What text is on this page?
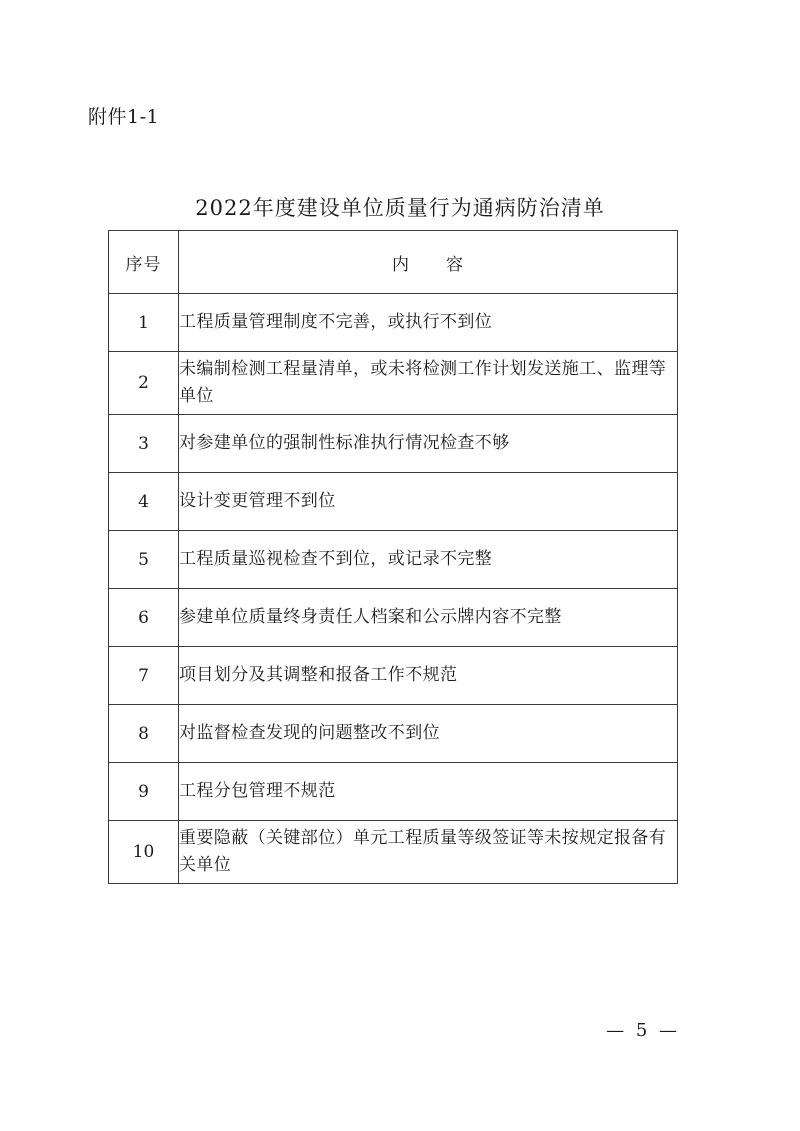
附件1-1
2022年度建设单位质量行为通病防治清单
序号	内　　容
1	工程质量管理制度不完善，或执行不到位
2	未编制检测工程量清单，或未将检测工作计划发送施工、监理等单位
3	对参建单位的强制性标准执行情况检查不够
4	设计变更管理不到位
5	工程质量巡视检查不到位，或记录不完整
6	参建单位质量终身责任人档案和公示牌内容不完整
7	项目划分及其调整和报备工作不规范
8	对监督检查发现的问题整改不到位
9	工程分包管理不规范
10	重要隐蔽（关键部位）单元工程质量等级签证等未按规定报备有关单位
— 5 —
